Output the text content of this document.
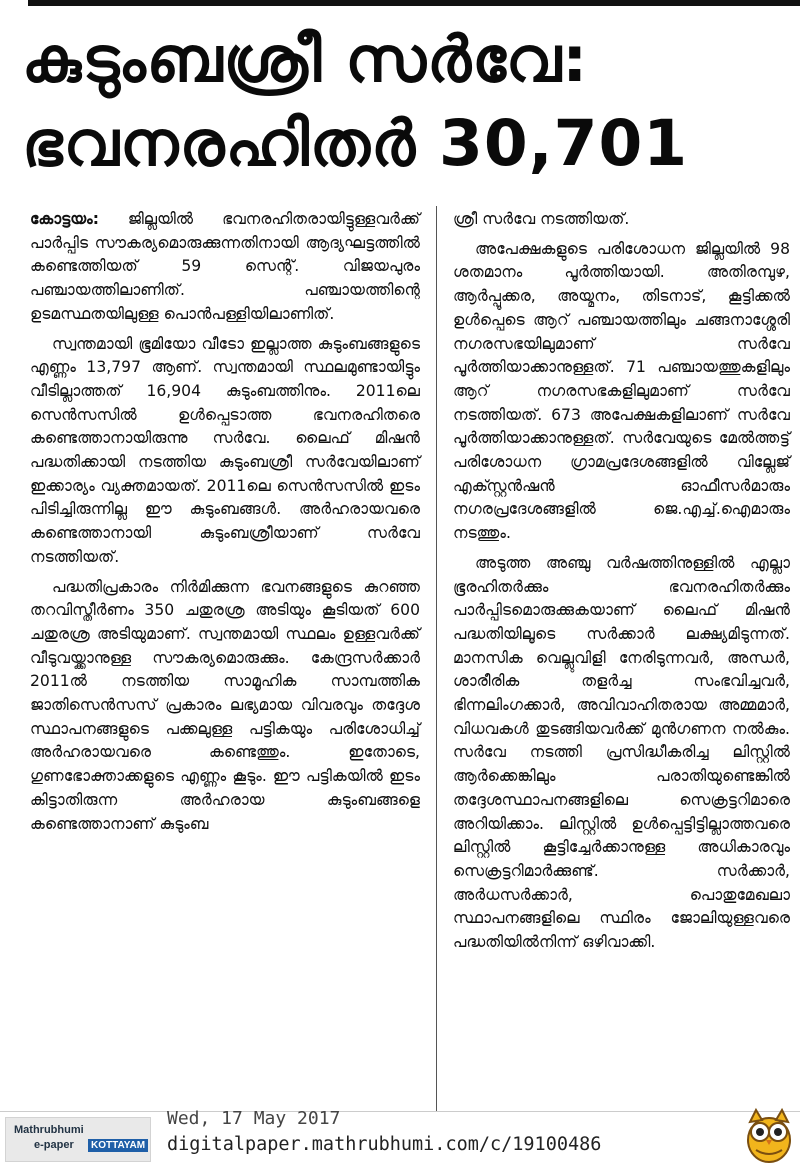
കുടുംബശ്രീ സർവേ:
ഭവനരഹിതർ 30,701

കോട്ടയം: ജില്ലയിൽ ഭവനരഹിതരായിട്ടുള്ളവർക്ക് പാർപ്പിട സൗകര്യമൊരുക്കുന്നതിനായി ആദ്യഘട്ടത്തിൽ കണ്ടെത്തിയത് 59 സെന്റ്. വിജയപുരം പഞ്ചായത്തിലാണിത്. പഞ്ചായത്തിന്റെ ഉടമസ്ഥതയിലുള്ള പൊൻപള്ളിയിലാണിത്.

സ്വന്തമായി ഭൂമിയോ വീടോ ഇല്ലാത്ത കുടുംബങ്ങളുടെ എണ്ണം 13,797 ആണ്. സ്വന്തമായി സ്ഥലമുണ്ടായിട്ടും വീടില്ലാത്തത് 16,904 കുടുംബത്തിനും. 2011ലെ സെൻസസിൽ ഉൾപ്പെടാത്ത ഭവനരഹിതരെ കണ്ടെത്താനായിരുന്നു സർവേ. ലൈഫ് മിഷൻ പദ്ധതിക്കായി നടത്തിയ കുടുംബശ്രീ സർവേയിലാണ് ഇക്കാര്യം വ്യക്തമായത്. 2011ലെ സെൻസസിൽ ഇടം പിടിച്ചിരുന്നില്ല ഈ കുടുംബങ്ങൾ. അർഹരായവരെ കണ്ടെത്താനായി കുടുംബശ്രീയാണ് സർവേ നടത്തിയത്.

പദ്ധതിപ്രകാരം നിർമിക്കുന്ന ഭവനങ്ങളുടെ കുറഞ്ഞ തറവിസ്തീർണം 350 ചതുരശ്ര അടിയും കൂടിയത് 600 ചതുരശ്ര അടിയുമാണ്. സ്വന്തമായി സ്ഥലം ഉള്ളവർക്ക് വീടുവയ്ക്കാനുള്ള സൗകര്യമൊരുക്കും. കേന്ദ്രസർക്കാർ 2011ൽ നടത്തിയ സാമൂഹിക സാമ്പത്തിക ജാതിസെൻസസ് പ്രകാരം ലഭ്യമായ വിവരവും തദ്ദേശ സ്ഥാപനങ്ങളുടെ പക്കലുള്ള പട്ടികയും പരിശോധിച്ച് അർഹരായവരെ കണ്ടെത്തും. ഇതോടെ, ഗുണഭോക്താക്കളുടെ എണ്ണം കൂടും. ഈ പട്ടികയിൽ ഇടം കിട്ടാതിരുന്ന അർഹരായ കുടുംബങ്ങളെ കണ്ടെത്താനാണ് കുടുംബ

ശ്രീ സർവേ നടത്തിയത്.

അപേക്ഷകളുടെ പരിശോധന ജില്ലയിൽ 98 ശതമാനം പൂർത്തിയായി. അതിരമ്പുഴ, ആർപ്പൂക്കര, അയ്മനം, തിടനാട്, കൂട്ടിക്കൽ ഉൾപ്പെടെ ആറ് പഞ്ചായത്തിലും ചങ്ങനാശ്ശേരി നഗരസഭയിലുമാണ് സർവേ പൂർത്തിയാക്കാനുള്ളത്. 71 പഞ്ചായത്തുകളിലും ആറ് നഗരസഭകളിലുമാണ് സർവേ നടത്തിയത്. 673 അപേക്ഷകളിലാണ് സർവേ പൂർത്തിയാക്കാനുള്ളത്. സർവേയുടെ മേൽത്തട്ട് പരിശോധന ഗ്രാമപ്രദേശങ്ങളിൽ വില്ലേജ് എക്സ്റ്റൻഷൻ ഓഫീസർമാരും നഗരപ്രദേശങ്ങളിൽ ജെ.എച്ച്.ഐമാരും നടത്തും.

അടുത്ത അഞ്ചു വർഷത്തിനുള്ളിൽ എല്ലാ ഭൂരഹിതർക്കും ഭവനരഹിതർക്കും പാർപ്പിടമൊരുക്കുകയാണ് ലൈഫ് മിഷൻ പദ്ധതിയിലൂടെ സർക്കാർ ലക്ഷ്യമിടുന്നത്. മാനസിക വെല്ലുവിളി നേരിടുന്നവർ, അന്ധർ, ശാരീരിക തളർച്ച സംഭവിച്ചവർ, ഭിന്നലിംഗക്കാർ, അവിവാഹിതരായ അമ്മമാർ, വിധവകൾ തുടങ്ങിയവർക്ക് മുൻഗണന നൽകും. സർവേ നടത്തി പ്രസിദ്ധീകരിച്ച ലിസ്റ്റിൽ ആർക്കെങ്കിലും പരാതിയുണ്ടെങ്കിൽ തദ്ദേശസ്ഥാപനങ്ങളിലെ സെക്രട്ടറിമാരെ അറിയിക്കാം. ലിസ്റ്റിൽ ഉൾപ്പെട്ടിട്ടില്ലാത്തവരെ ലിസ്റ്റിൽ കൂട്ടിച്ചേർക്കാനുള്ള അധികാരവും സെക്രട്ടറിമാർക്കുണ്ട്. സർക്കാർ, അർധസർക്കാർ, പൊതുമേഖലാ സ്ഥാപനങ്ങളിലെ സ്ഥിരം ജോലിയുള്ളവരെ പദ്ധതിയിൽനിന്ന് ഒഴിവാക്കി.

Mathrubhumi
e-paper	KOTTAYAM
Wed, 17 May 2017
digitalpaper.mathrubhumi.com/c/19100486
